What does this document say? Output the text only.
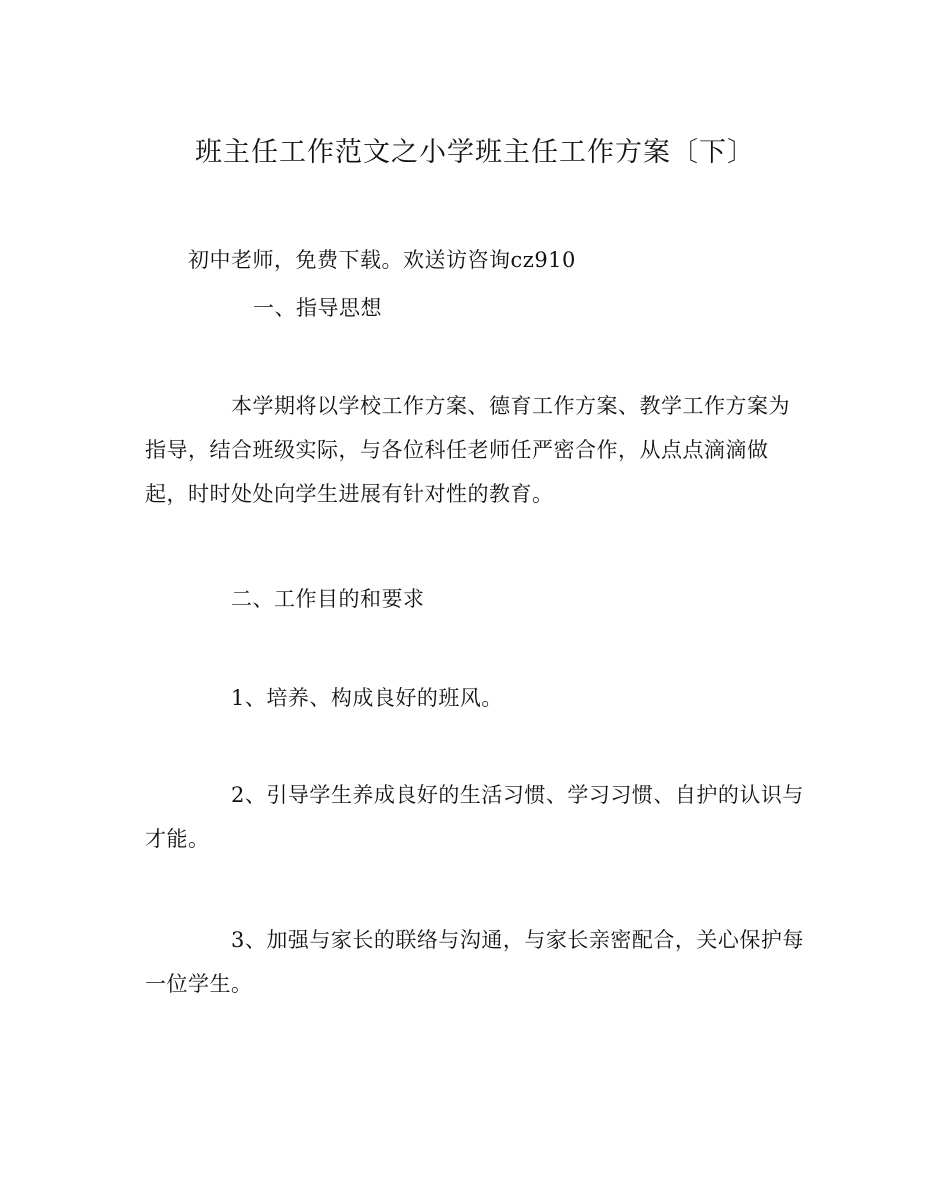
班主任工作范文之小学班主任工作方案〔下〕
初中老师，免费下载。欢送访咨询cz910
一、指导思想
本学期将以学校工作方案、德育工作方案、教学工作方案为指导，结合班级实际，与各位科任老师任严密合作，从点点滴滴做起，时时处处向学生进展有针对性的教育。
二、工作目的和要求
1、培养、构成良好的班风。
2、引导学生养成良好的生活习惯、学习习惯、自护的认识与才能。
3、加强与家长的联络与沟通，与家长亲密配合，关心保护每一位学生。
